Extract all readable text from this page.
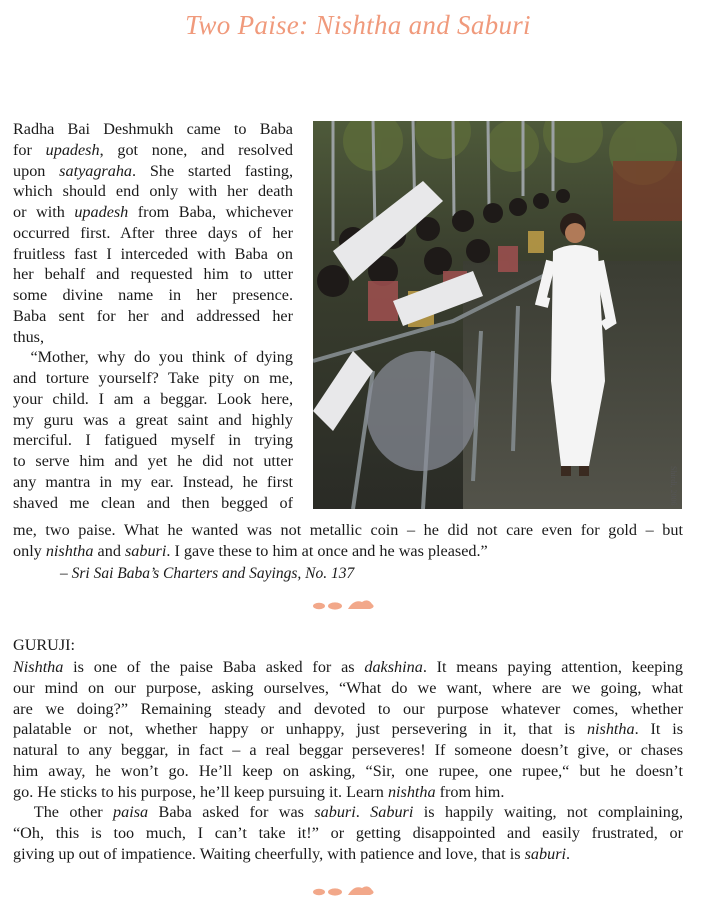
Two Paise: Nishtha and Saburi

Radha Bai Deshmukh came to Baba

for upadesh, got none, and resolved

upon satyagraha. She started fasting,

which should end only with her death

or with upadesh from Baba, whichever

occurred first. After three days of her

fruitless fast I interceded with Baba on

her behalf and requested him to utter

some divine name in her presence.

Baba sent for her and addressed her

thus,

“Mother, why do you think of dying

and torture yourself? Take pity on me,

your child. I am a beggar. Look here,

my guru was a great saint and highly

merciful. I fatigued myself in trying

to serve him and yet he did not utter

any mantra in my ear. Instead, he first

shaved me clean and then begged of	Shirdi, 2006

me, two paise. What he wanted was not metallic coin – he did not care even for gold – but

only nishtha and saburi. I gave these to him at once and he was pleased.”

– Sri Sai Baba’s Charters and Sayings, No. 137
GURUJI:

Nishtha is one of the paise Baba asked for as dakshina. It means paying attention, keeping

our mind on our purpose, asking ourselves, “What do we want, where are we going, what

are we doing?” Remaining steady and devoted to our purpose whatever comes, whether

palatable or not, whether happy or unhappy, just persevering in it, that is nishtha. It is

natural to any beggar, in fact – a real beggar perseveres! If someone doesn’t give, or chases

him away, he won’t go. He’ll keep on asking, “Sir, one rupee, one rupee,“ but he doesn’t

go. He sticks to his purpose, he’ll keep pursuing it. Learn nishtha from him.

The other paisa Baba asked for was saburi. Saburi is happily waiting, not complaining,

“Oh, this is too much, I can’t take it!” or getting disappointed and easily frustrated, or

giving up out of impatience. Waiting cheerfully, with patience and love, that is saburi.
